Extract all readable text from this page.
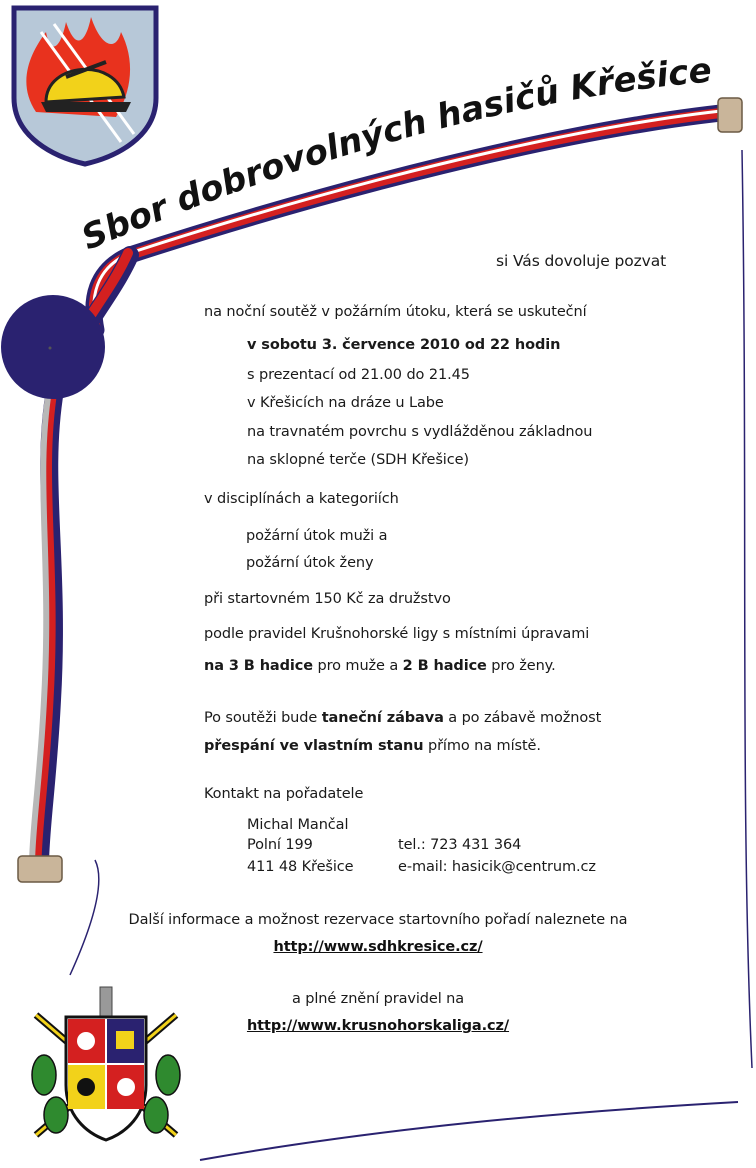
Sbor dobrovolných hasičů Křešice
si Vás dovoluje pozvat
na noční soutěž v požárním útoku, která se uskuteční
v sobotu 3. července 2010 od 22 hodin
s prezentací od 21.00 do 21.45
v Křešicích na dráze u Labe
na travnatém povrchu s vydlážděnou základnou
na sklopné terče (SDH Křešice)
v disciplínách a kategoriích
požární útok muži a
požární útok ženy
při startovném 150 Kč za družstvo
podle pravidel Krušnohorské ligy s místními úpravami
na 3 B hadice pro muže a 2 B hadice pro ženy.
Po soutěži bude taneční zábava a po zábavě možnost
přespání ve vlastním stanu přímo na místě.
Kontakt na pořadatele
Michal Mančal
Polní 199
411 48 Křešice
tel.: 723 431 364
e-mail: hasicik@centrum.cz
Další informace a možnost rezervace startovního pořadí naleznete na
http://www.sdhkresice.cz/
a plné znění pravidel na
http://www.krusnohorskaliga.cz/
